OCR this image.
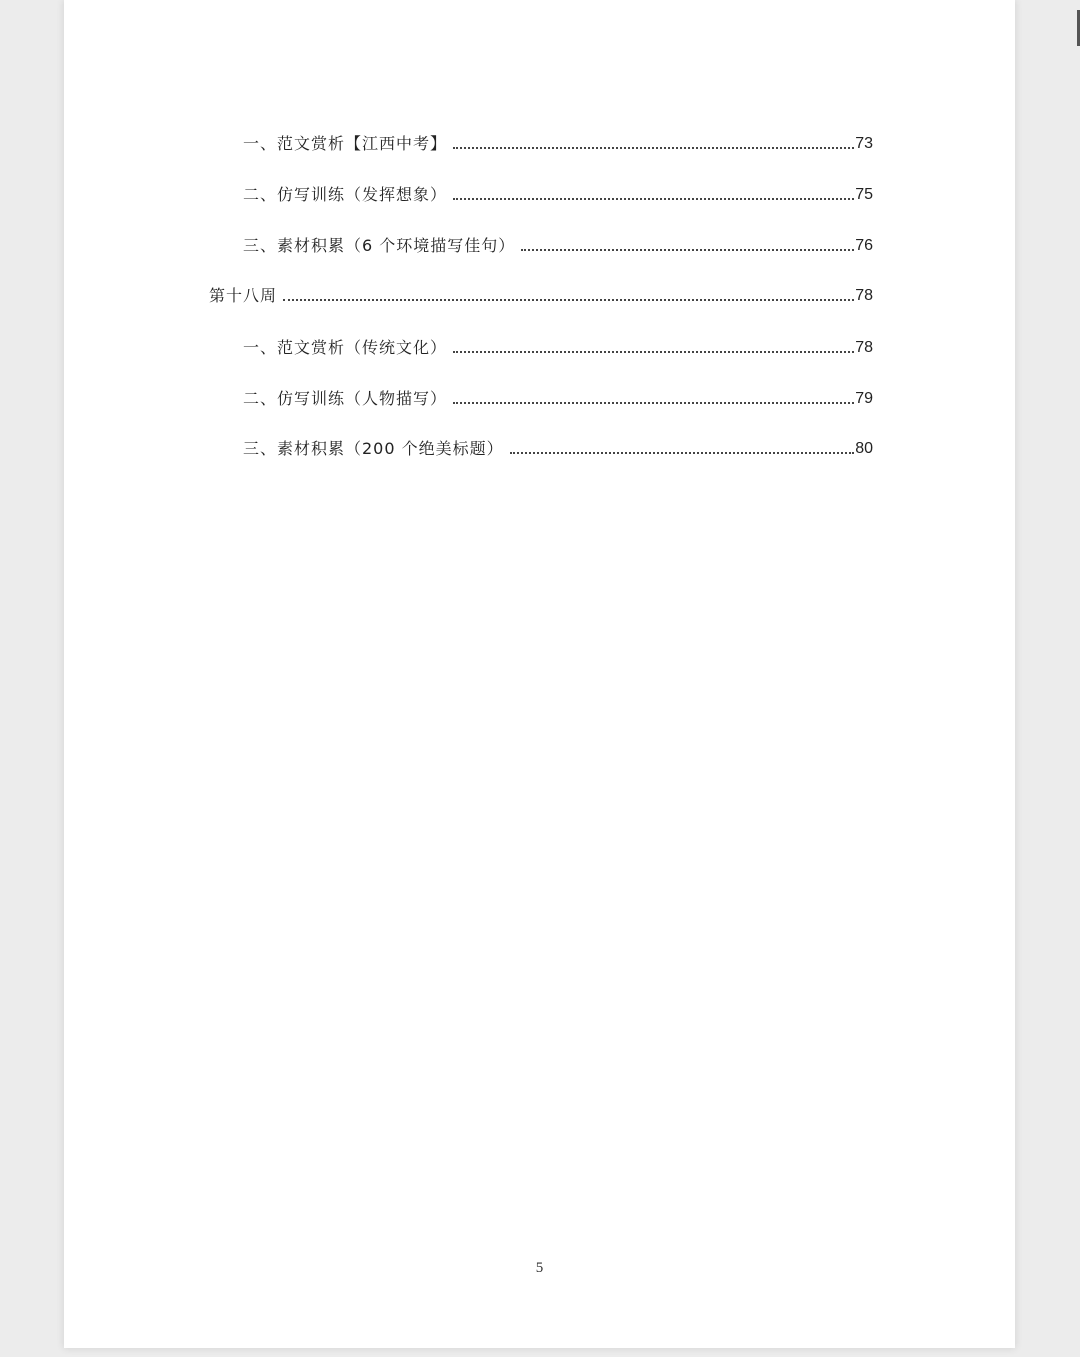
一、范文赏析【江西中考】	73
二、仿写训练（发挥想象）	75
三、素材积累（6 个环境描写佳句）	76
第十八周	78
一、范文赏析（传统文化）	78
二、仿写训练（人物描写）	79
三、素材积累（200 个绝美标题）	80
5
